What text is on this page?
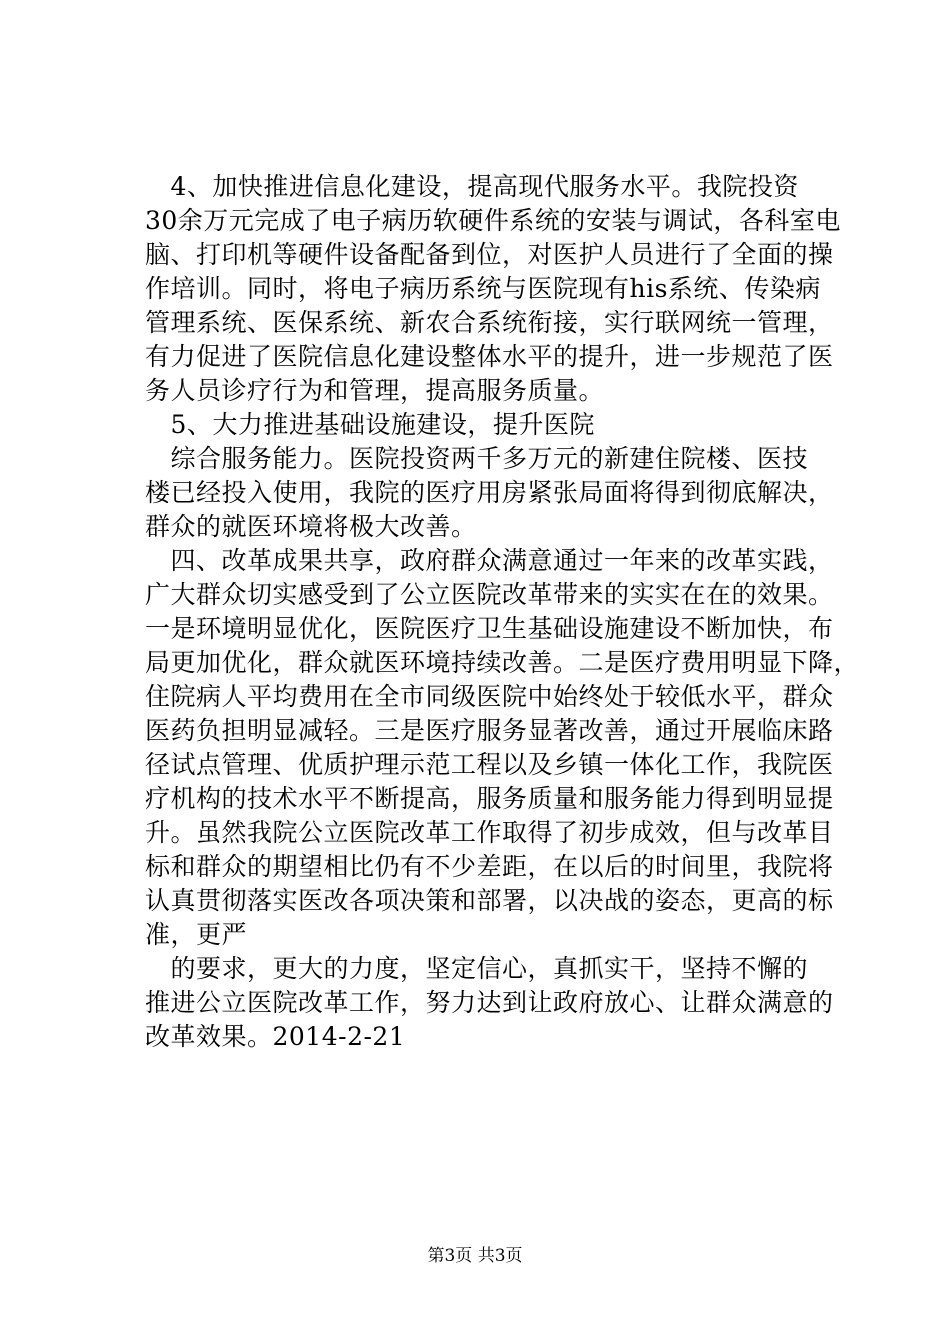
　4、加快推进信息化建设，提高现代服务水平。我院投资
30余万元完成了电子病历软硬件系统的安装与调试，各科室电
脑、打印机等硬件设备配备到位，对医护人员进行了全面的操
作培训。同时，将电子病历系统与医院现有his系统、传染病
管理系统、医保系统、新农合系统衔接，实行联网统一管理，
有力促进了医院信息化建设整体水平的提升，进一步规范了医
务人员诊疗行为和管理，提高服务质量。
　5、大力推进基础设施建设，提升医院
　综合服务能力。医院投资两千多万元的新建住院楼、医技
楼已经投入使用，我院的医疗用房紧张局面将得到彻底解决，
群众的就医环境将极大改善。
　四、改革成果共享，政府群众满意通过一年来的改革实践，
广大群众切实感受到了公立医院改革带来的实实在在的效果。
一是环境明显优化，医院医疗卫生基础设施建设不断加快，布
局更加优化，群众就医环境持续改善。二是医疗费用明显下降，
住院病人平均费用在全市同级医院中始终处于较低水平，群众
医药负担明显减轻。三是医疗服务显著改善，通过开展临床路
径试点管理、优质护理示范工程以及乡镇一体化工作，我院医
疗机构的技术水平不断提高，服务质量和服务能力得到明显提
升。虽然我院公立医院改革工作取得了初步成效，但与改革目
标和群众的期望相比仍有不少差距，在以后的时间里，我院将
认真贯彻落实医改各项决策和部署，以决战的姿态，更高的标
准，更严
　的要求，更大的力度，坚定信心，真抓实干，坚持不懈的
推进公立医院改革工作，努力达到让政府放心、让群众满意的
改革效果。2014-2-21
第3页 共3页
